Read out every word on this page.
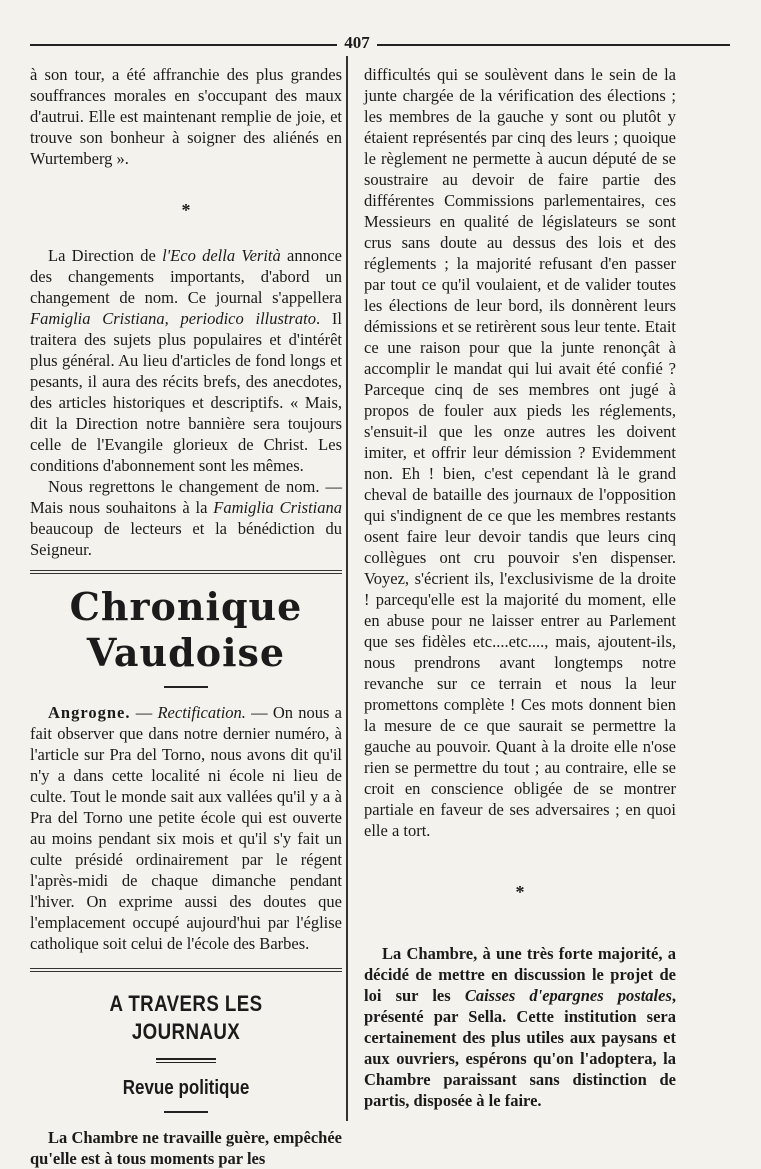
407

à son tour, a été affranchie des plus grandes souffrances morales en s'occupant des maux d'autrui. Elle est maintenant remplie de joie, et trouve son bonheur à soigner des aliénés en Wurtemberg ».

*

La Direction de l'Eco della Verità annonce des changements importants, d'abord un changement de nom. Ce journal s'appellera Famiglia Cristiana, periodico illustrato. Il traitera des sujets plus populaires et d'intérêt plus général. Au lieu d'articles de fond longs et pesants, il aura des récits brefs, des anecdotes, des articles historiques et descriptifs. « Mais, dit la Direction notre bannière sera toujours celle de l'Evangile glorieux de Christ. Les conditions d'abonnement sont les mêmes.

Nous regrettons le changement de nom. — Mais nous souhaitons à la Famiglia Cristiana beaucoup de lecteurs et la bénédiction du Seigneur.

Chronique Vaudoise

Angrogne. — Rectification. — On nous a fait observer que dans notre dernier numéro, à l'article sur Pra del Torno, nous avons dit qu'il n'y a dans cette localité ni école ni lieu de culte. Tout le monde sait aux vallées qu'il y a à Pra del Torno une petite école qui est ouverte au moins pendant six mois et qu'il s'y fait un culte présidé ordinairement par le régent l'après-midi de chaque dimanche pendant l'hiver. On exprime aussi des doutes que l'emplacement occupé aujourd'hui par l'église catholique soit celui de l'école des Barbes.

A TRAVERS LES JOURNAUX
Revue politique

La Chambre ne travaille guère, empêchée qu'elle est à tous moments par les

difficultés qui se soulèvent dans le sein de la junte chargée de la vérification des élections ; les membres de la gauche y sont ou plutôt y étaient représentés par cinq des leurs ; quoique le règlement ne permette à aucun député de se soustraire au devoir de faire partie des différentes Commissions parlementaires, ces Messieurs en qualité de législateurs se sont crus sans doute au dessus des lois et des réglements ; la majorité refusant d'en passer par tout ce qu'il voulaient, et de valider toutes les élections de leur bord, ils donnèrent leurs démissions et se retirèrent sous leur tente. Etait ce une raison pour que la junte renonçât à accomplir le mandat qui lui avait été confié ? Parceque cinq de ses membres ont jugé à propos de fouler aux pieds les réglements, s'ensuit-il que les onze autres les doivent imiter, et offrir leur démission ? Evidemment non. Eh ! bien, c'est cependant là le grand cheval de bataille des journaux de l'opposition qui s'indignent de ce que les membres restants osent faire leur devoir tandis que leurs cinq collègues ont cru pouvoir s'en dispenser. Voyez, s'écrient ils, l'exclusivisme de la droite ! parcequ'elle est la majorité du moment, elle en abuse pour ne laisser entrer au Parlement que ses fidèles etc....etc...., mais, ajoutent-ils, nous prendrons avant longtemps notre revanche sur ce terrain et nous la leur promettons complète ! Ces mots donnent bien la mesure de ce que saurait se permettre la gauche au pouvoir. Quant à la droite elle n'ose rien se permettre du tout ; au contraire, elle se croit en conscience obligée de se montrer partiale en faveur de ses adversaires ; en quoi elle a tort.

*

La Chambre, à une très forte majorité, a décidé de mettre en discussion le projet de loi sur les Caisses d'epargnes postales, présenté par Sella. Cette institution sera certainement des plus utiles aux paysans et aux ouvriers, espérons qu'on l'adoptera, la Chambre paraissant sans distinction de partis, disposée à le faire.
